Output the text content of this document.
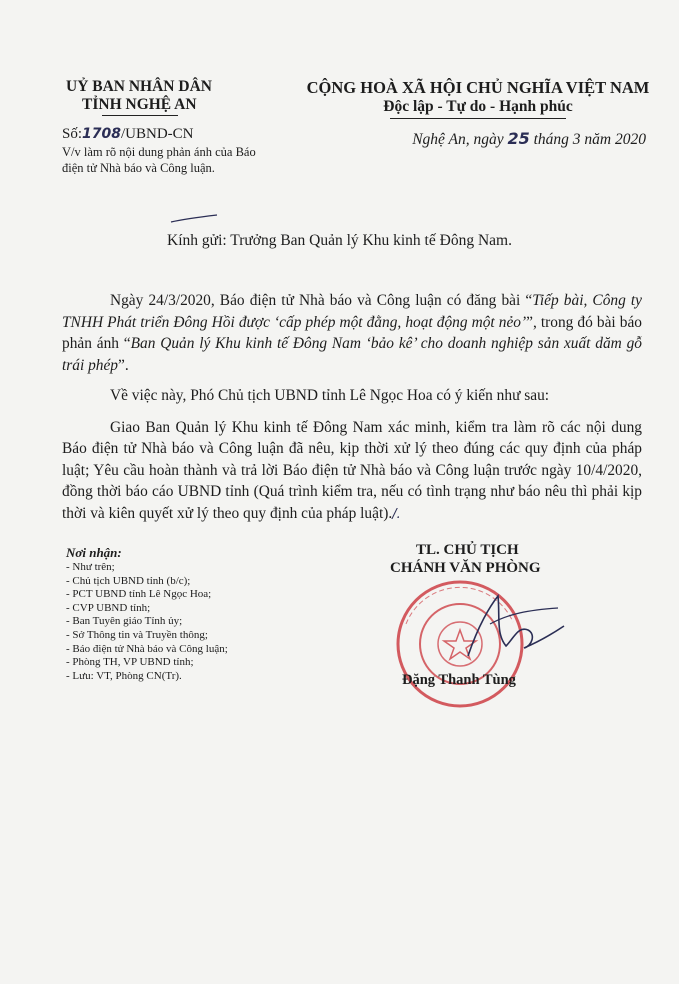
UỶ BAN NHÂN DÂN
TỈNH NGHỆ AN
Số:1708/UBND-CN
V/v làm rõ nội dung phản ánh của Báo điện tử Nhà báo và Công luận.
CỘNG HOÀ XÃ HỘI CHỦ NGHĨA VIỆT NAM
Độc lập - Tự do - Hạnh phúc
Nghệ An, ngày 25 tháng 3 năm 2020
Kính gửi: Trưởng Ban Quản lý Khu kinh tế Đông Nam.

Ngày 24/3/2020, Báo điện tử Nhà báo và Công luận có đăng bài “Tiếp bài, Công ty TNHH Phát triển Đông Hồi được ‘cấp phép một đằng, hoạt động một nẻo’”, trong đó bài báo phản ánh “Ban Quản lý Khu kinh tế Đông Nam ‘bảo kê’ cho doanh nghiệp sản xuất dăm gỗ trái phép”.

Về việc này, Phó Chủ tịch UBND tỉnh Lê Ngọc Hoa có ý kiến như sau:

Giao Ban Quản lý Khu kinh tế Đông Nam xác minh, kiểm tra làm rõ các nội dung Báo điện tử Nhà báo và Công luận đã nêu, kịp thời xử lý theo đúng các quy định của pháp luật; Yêu cầu hoàn thành và trả lời Báo điện tử Nhà báo và Công luận trước ngày 10/4/2020, đồng thời báo cáo UBND tỉnh (Quá trình kiểm tra, nếu có tình trạng như báo nêu thì phải kịp thời và kiên quyết xử lý theo quy định của pháp luật)./.

Nơi nhận:
- Như trên;
- Chủ tịch UBND tỉnh (b/c);
- PCT UBND tỉnh Lê Ngọc Hoa;
- CVP UBND tỉnh;
- Ban Tuyên giáo Tỉnh ủy;
- Sở Thông tin và Truyền thông;
- Báo điện tử Nhà báo và Công luận;
- Phòng TH, VP UBND tỉnh;
- Lưu: VT, Phòng CN(Tr).
TL. CHỦ TỊCH
CHÁNH VĂN PHÒNG
Đặng Thanh Tùng
